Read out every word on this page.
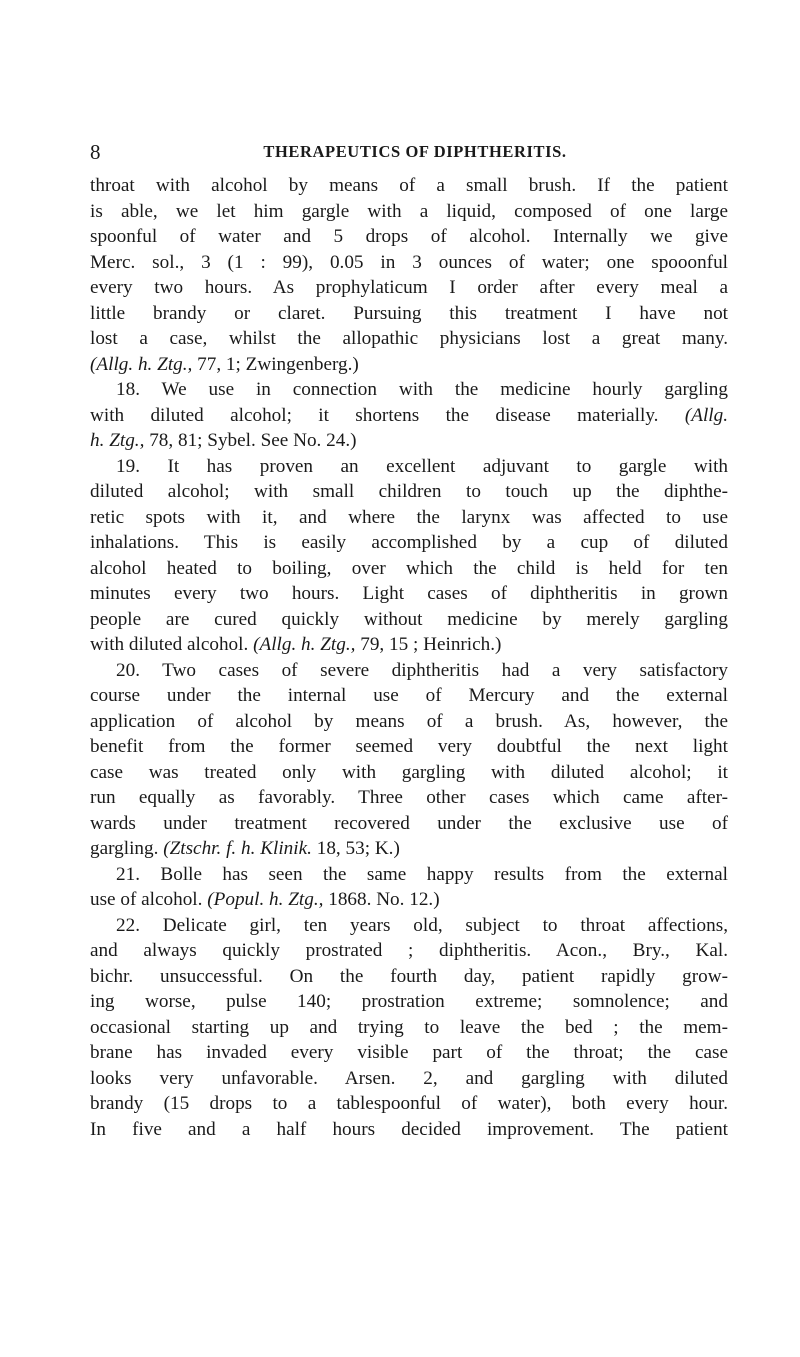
8	THERAPEUTICS OF DIPHTHERITIS.
throat with alcohol by means of a small brush. If the patient
is able, we let him gargle with a liquid, composed of one large
spoonful of water and 5 drops of alcohol. Internally we give
Merc. sol., 3 (1 : 99), 0.05 in 3 ounces of water; one spooonful
every two hours. As prophylaticum I order after every meal a
little brandy or claret. Pursuing this treatment I have not
lost a case, whilst the allopathic physicians lost a great many.
(Allg. h. Ztg., 77, 1; Zwingenberg.)
18. We use in connection with the medicine hourly gargling
with diluted alcohol; it shortens the disease materially. (Allg.
h. Ztg., 78, 81; Sybel. See No. 24.)
19. It has proven an excellent adjuvant to gargle with
diluted alcohol; with small children to touch up the diphthe-
retic spots with it, and where the larynx was affected to use
inhalations. This is easily accomplished by a cup of diluted
alcohol heated to boiling, over which the child is held for ten
minutes every two hours. Light cases of diphtheritis in grown
people are cured quickly without medicine by merely gargling
with diluted alcohol. (Allg. h. Ztg., 79, 15 ; Heinrich.)
20. Two cases of severe diphtheritis had a very satisfactory
course under the internal use of Mercury and the external
application of alcohol by means of a brush. As, however, the
benefit from the former seemed very doubtful the next light
case was treated only with gargling with diluted alcohol; it
run equally as favorably. Three other cases which came after-
wards under treatment recovered under the exclusive use of
gargling. (Ztschr. f. h. Klinik. 18, 53; K.)
21. Bolle has seen the same happy results from the external
use of alcohol. (Popul. h. Ztg., 1868. No. 12.)
22. Delicate girl, ten years old, subject to throat affections,
and always quickly prostrated ; diphtheritis. Acon., Bry., Kal.
bichr. unsuccessful. On the fourth day, patient rapidly grow-
ing worse, pulse 140; prostration extreme; somnolence; and
occasional starting up and trying to leave the bed ; the mem-
brane has invaded every visible part of the throat; the case
looks very unfavorable. Arsen. 2, and gargling with diluted
brandy (15 drops to a tablespoonful of water), both every hour.
In five and a half hours decided improvement. The patient
